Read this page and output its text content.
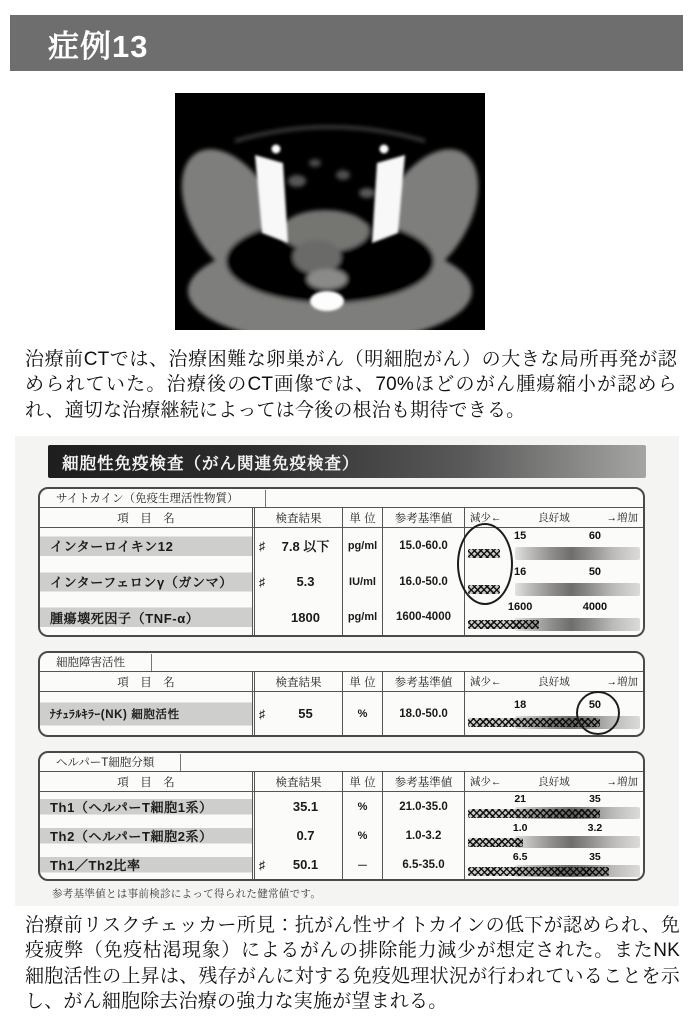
症例13

治療前CTでは、治療困難な卵巣がん（明細胞がん）の大きな局所再発が認められていた。治療後のCT画像では、70%ほどのがん腫瘍縮小が認められ、適切な治療継続によっては今後の根治も期待できる。

細胞性免疫検査（がん関連免疫検査）
サイトカイン（免疫生理活性物質）
項　目　名	検査結果	単 位	参考基準値	減少←	良好域	→増加
インターロイキン12	♯	7.8 以下	pg/ml	15.0-60.0
15	60
インターフェロンγ（ガンマ）	♯	5.3	IU/ml	16.0-50.0
16	50
腫瘍壊死因子（TNF-α）	1800	pg/ml	1600-4000
1600	4000
細胞障害活性
項　目　名	検査結果	単 位	参考基準値	減少←	良好域	→増加
ﾅﾁｭﾗﾙｷﾗｰ(NK) 細胞活性	♯	55	%	18.0-50.0
18	50
ヘルパーT細胞分類
項　目　名	検査結果	単 位	参考基準値	減少←	良好域	→増加
Th1（ヘルパーT細胞1系）	35.1	%	21.0-35.0
21	35
Th2（ヘルパーT細胞2系）	0.7	%	1.0-3.2
1.0	3.2
Th1／Th2比率	♯	50.1	－	6.5-35.0
6.5	35
参考基準値とは事前検診によって得られた健常値です。

治療前リスクチェッカー所見：抗がん性サイトカインの低下が認められ、免疫疲弊（免疫枯渇現象）によるがんの排除能力減少が想定された。またNK細胞活性の上昇は、残存がんに対する免疫処理状況が行われていることを示し、がん細胞除去治療の強力な実施が望まれる。
